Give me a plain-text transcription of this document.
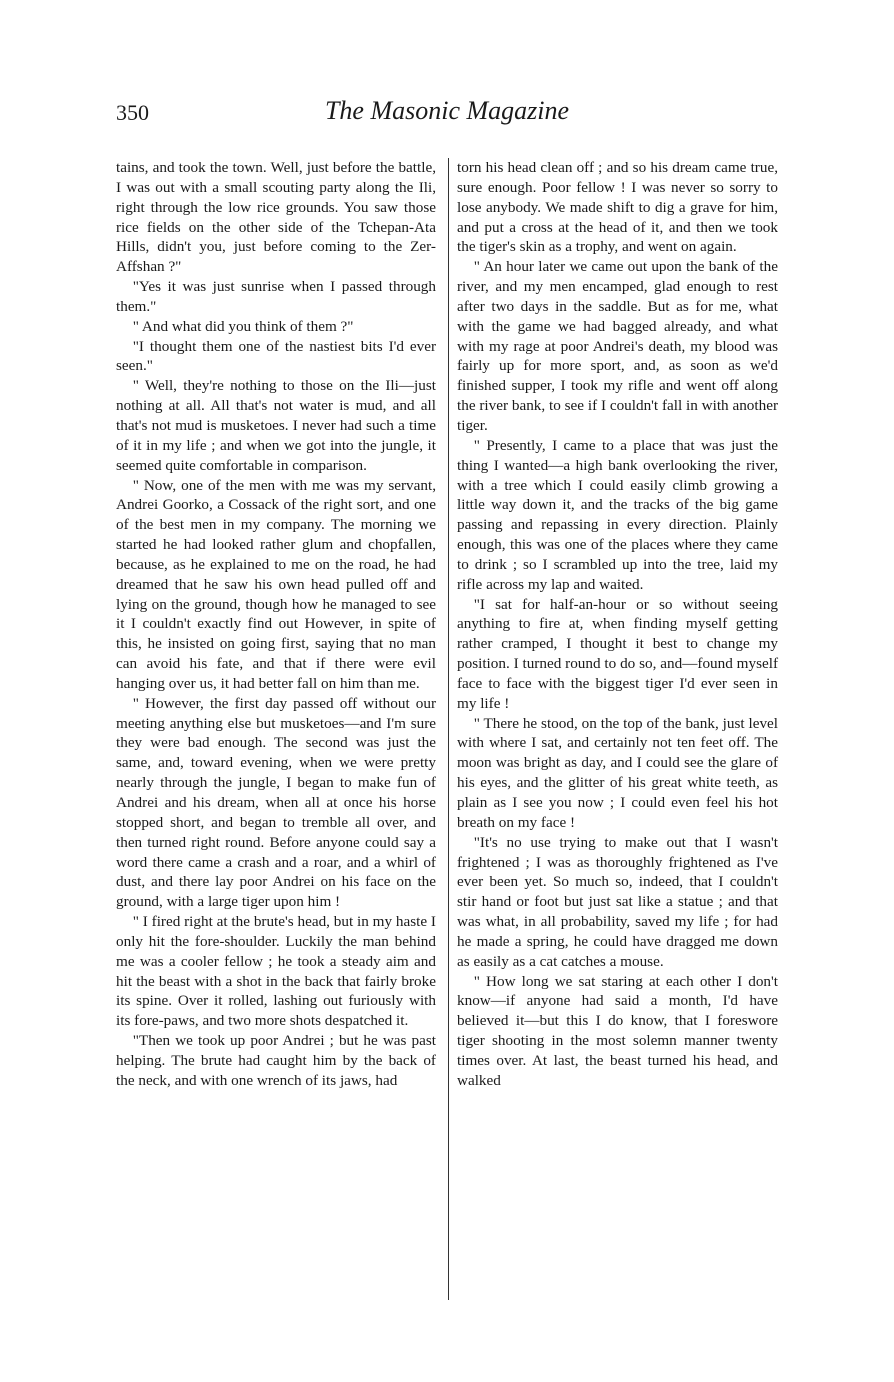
350	The Masonic Magazine

tains, and took the town. Well, just before the battle, I was out with a small scouting party along the Ili, right through the low rice grounds. You saw those rice fields on the other side of the Tchepan-Ata Hills, didn't you, just before coming to the Zer-Affshan ?"

"Yes it was just sunrise when I passed through them."

" And what did you think of them ?"

"I thought them one of the nastiest bits I'd ever seen."

" Well, they're nothing to those on the Ili—just nothing at all. All that's not water is mud, and all that's not mud is musketoes. I never had such a time of it in my life ; and when we got into the jungle, it seemed quite comfortable in comparison.

" Now, one of the men with me was my servant, Andrei Goorko, a Cossack of the right sort, and one of the best men in my company. The morning we started he had looked rather glum and chopfallen, because, as he explained to me on the road, he had dreamed that he saw his own head pulled off and lying on the ground, though how he managed to see it I couldn't exactly find out However, in spite of this, he insisted on going first, saying that no man can avoid his fate, and that if there were evil hanging over us, it had better fall on him than me.

" However, the first day passed off without our meeting anything else but musketoes—and I'm sure they were bad enough. The second was just the same, and, toward evening, when we were pretty nearly through the jungle, I began to make fun of Andrei and his dream, when all at once his horse stopped short, and began to tremble all over, and then turned right round. Before anyone could say a word there came a crash and a roar, and a whirl of dust, and there lay poor Andrei on his face on the ground, with a large tiger upon him !

" I fired right at the brute's head, but in my haste I only hit the fore-shoulder. Luckily the man behind me was a cooler fellow ; he took a steady aim and hit the beast with a shot in the back that fairly broke its spine. Over it rolled, lashing out furiously with its fore-paws, and two more shots despatched it.

"Then we took up poor Andrei ; but he was past helping. The brute had caught him by the back of the neck, and with one wrench of its jaws, had

torn his head clean off ; and so his dream came true, sure enough. Poor fellow ! I was never so sorry to lose anybody. We made shift to dig a grave for him, and put a cross at the head of it, and then we took the tiger's skin as a trophy, and went on again.

" An hour later we came out upon the bank of the river, and my men encamped, glad enough to rest after two days in the saddle. But as for me, what with the game we had bagged already, and what with my rage at poor Andrei's death, my blood was fairly up for more sport, and, as soon as we'd finished supper, I took my rifle and went off along the river bank, to see if I couldn't fall in with another tiger.

" Presently, I came to a place that was just the thing I wanted—a high bank overlooking the river, with a tree which I could easily climb growing a little way down it, and the tracks of the big game passing and repassing in every direction. Plainly enough, this was one of the places where they came to drink ; so I scrambled up into the tree, laid my rifle across my lap and waited.

"I sat for half-an-hour or so without seeing anything to fire at, when finding myself getting rather cramped, I thought it best to change my position. I turned round to do so, and—found myself face to face with the biggest tiger I'd ever seen in my life !

" There he stood, on the top of the bank, just level with where I sat, and certainly not ten feet off. The moon was bright as day, and I could see the glare of his eyes, and the glitter of his great white teeth, as plain as I see you now ; I could even feel his hot breath on my face !

"It's no use trying to make out that I wasn't frightened ; I was as thoroughly frightened as I've ever been yet. So much so, indeed, that I couldn't stir hand or foot but just sat like a statue ; and that was what, in all probability, saved my life ; for had he made a spring, he could have dragged me down as easily as a cat catches a mouse.

" How long we sat staring at each other I don't know—if anyone had said a month, I'd have believed it—but this I do know, that I foreswore tiger shooting in the most solemn manner twenty times over. At last, the beast turned his head, and walked
